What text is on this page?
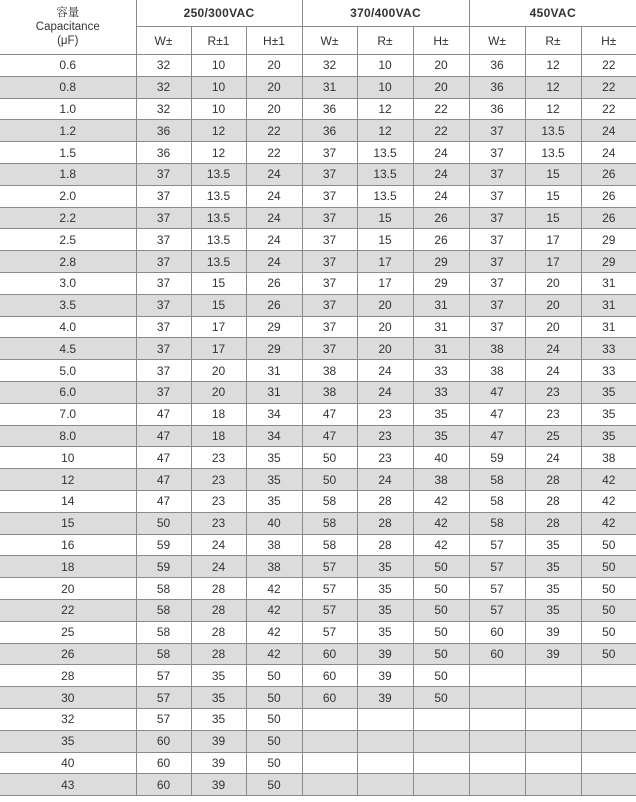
容量
Capacitance
(μF)	250/300VAC			370/400VAC			450VAC		
	W±	R±1	H±1	W±	R±	H±	W±	R±	H±
0.6	32	10	20	32	10	20	36	12	22
0.8	32	10	20	31	10	20	36	12	22
1.0	32	10	20	36	12	22	36	12	22
1.2	36	12	22	36	12	22	37	13.5	24
1.5	36	12	22	37	13.5	24	37	13.5	24
1.8	37	13.5	24	37	13.5	24	37	15	26
2.0	37	13.5	24	37	13.5	24	37	15	26
2.2	37	13.5	24	37	15	26	37	15	26
2.5	37	13.5	24	37	15	26	37	17	29
2.8	37	13.5	24	37	17	29	37	17	29
3.0	37	15	26	37	17	29	37	20	31
3.5	37	15	26	37	20	31	37	20	31
4.0	37	17	29	37	20	31	37	20	31
4.5	37	17	29	37	20	31	38	24	33
5.0	37	20	31	38	24	33	38	24	33
6.0	37	20	31	38	24	33	47	23	35
7.0	47	18	34	47	23	35	47	23	35
8.0	47	18	34	47	23	35	47	25	35
10	47	23	35	50	23	40	59	24	38
12	47	23	35	50	24	38	58	28	42
14	47	23	35	58	28	42	58	28	42
15	50	23	40	58	28	42	58	28	42
16	59	24	38	58	28	42	57	35	50
18	59	24	38	57	35	50	57	35	50
20	58	28	42	57	35	50	57	35	50
22	58	28	42	57	35	50	57	35	50
25	58	28	42	57	35	50	60	39	50
26	58	28	42	60	39	50	60	39	50
28	57	35	50	60	39	50			
30	57	35	50	60	39	50			
32	57	35	50						
35	60	39	50						
40	60	39	50						
43	60	39	50						
